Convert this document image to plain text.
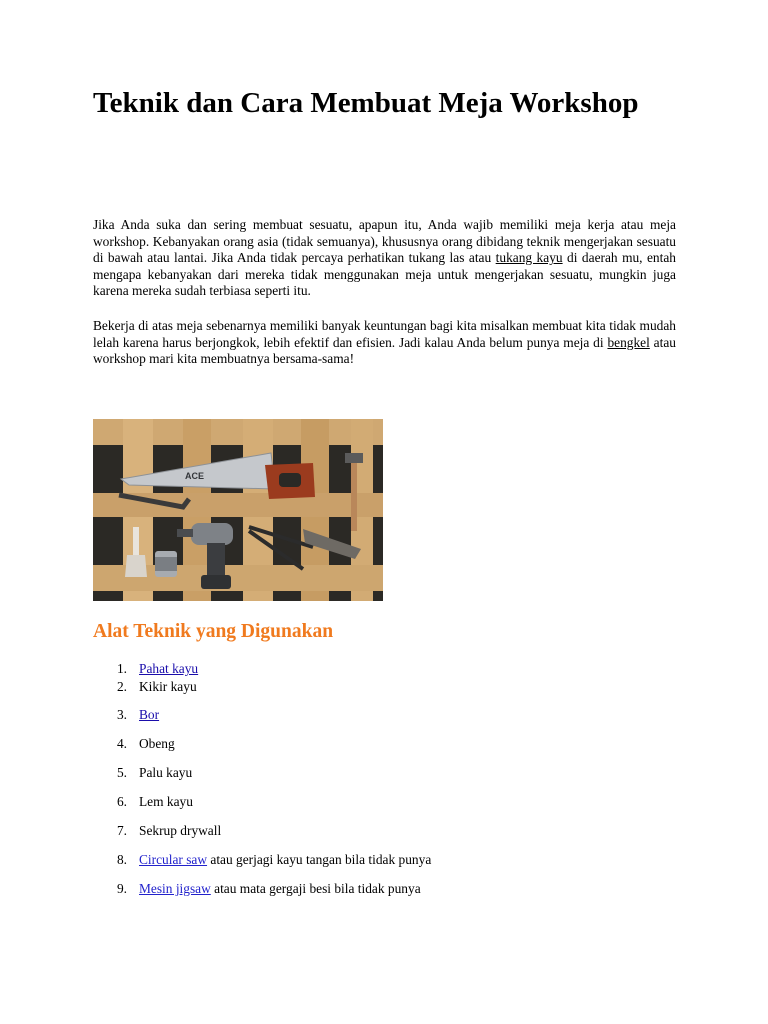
Teknik dan Cara Membuat Meja Workshop

Jika Anda suka dan sering membuat sesuatu, apapun itu, Anda wajib memiliki meja kerja atau meja workshop. Kebanyakan orang asia (tidak semuanya), khususnya orang dibidang teknik mengerjakan sesuatu di bawah atau lantai. Jika Anda tidak percaya perhatikan tukang las atau tukang kayu di daerah mu, entah mengapa kebanyakan dari mereka tidak menggunakan meja untuk mengerjakan sesuatu, mungkin juga karena mereka sudah terbiasa seperti itu.

Bekerja di atas meja sebenarnya memiliki banyak keuntungan bagi kita misalkan membuat kita tidak mudah lelah karena harus berjongkok, lebih efektif dan efisien. Jadi kalau Anda belum punya meja di bengkel atau workshop mari kita membuatnya bersama-sama!

ACE
Alat Teknik yang Digunakan
1. Pahat kayu
2. Kikir kayu
3. Bor
4. Obeng
5. Palu kayu
6. Lem kayu
7. Sekrup drywall
8. Circular saw atau gerjagi kayu tangan bila tidak punya
9. Mesin jigsaw atau mata gergaji besi bila tidak punya
